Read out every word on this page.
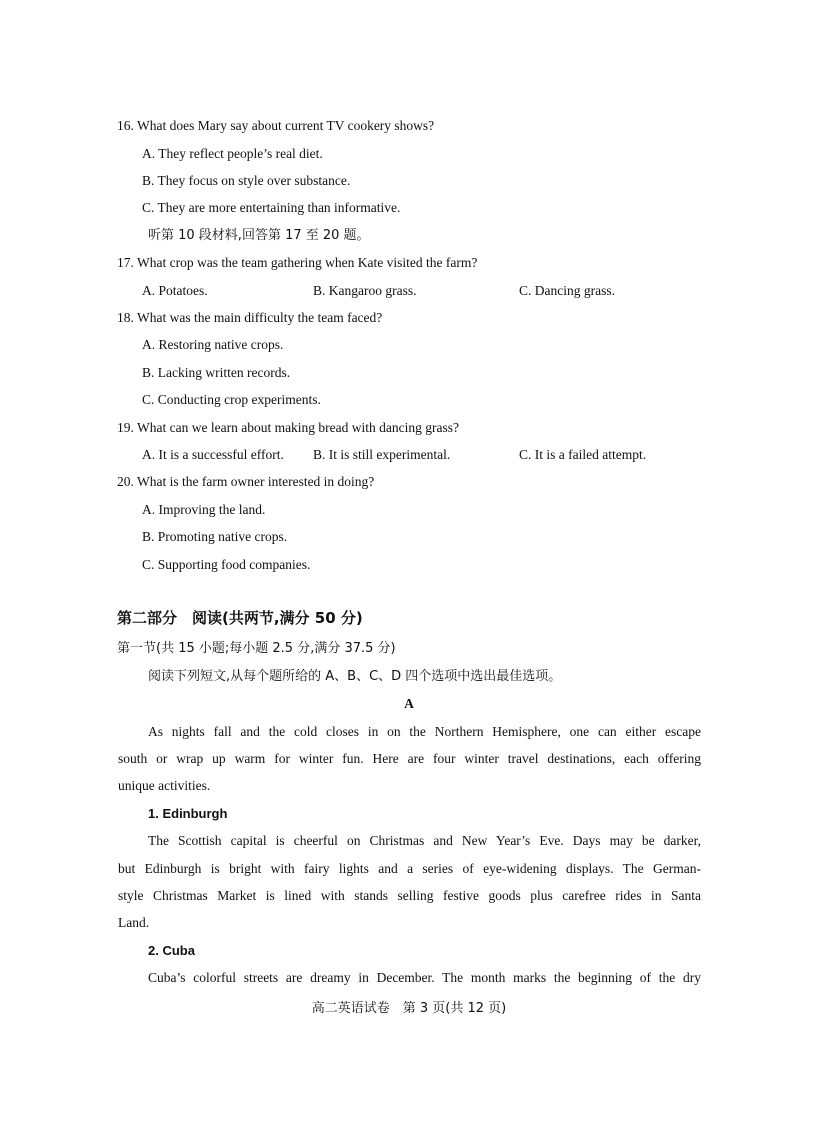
16. What does Mary say about current TV cookery shows?
A. They reflect people’s real diet.
B. They focus on style over substance.
C. They are more entertaining than informative.
听第 10 段材料,回答第 17 至 20 题。
17. What crop was the team gathering when Kate visited the farm?
A. Potatoes.	B. Kangaroo grass.	C. Dancing grass.
18. What was the main difficulty the team faced?
A. Restoring native crops.
B. Lacking written records.
C. Conducting crop experiments.
19. What can we learn about making bread with dancing grass?
A. It is a successful effort. B. It is still experimental.	C. It is a failed attempt.
20. What is the farm owner interested in doing?
A. Improving the land.
B. Promoting native crops.
C. Supporting food companies.
第二部分　阅读(共两节,满分 50 分)
第一节(共 15 小题;每小题 2.5 分,满分 37.5 分)
阅读下列短文,从每个题所给的 A、B、C、D 四个选项中选出最佳选项。
A
As nights fall and the cold closes in on the Northern Hemisphere, one can either escape
south or wrap up warm for winter fun. Here are four winter travel destinations, each offering
unique activities.
1. Edinburgh
The Scottish capital is cheerful on Christmas and New Year’s Eve. Days may be darker,
but Edinburgh is bright with fairy lights and a series of eye-widening displays. The German-
style Christmas Market is lined with stands selling festive goods plus carefree rides in Santa
Land.
2. Cuba
Cuba’s colorful streets are dreamy in December. The month marks the beginning of the dry
高二英语试卷　第 3 页(共 12 页)
